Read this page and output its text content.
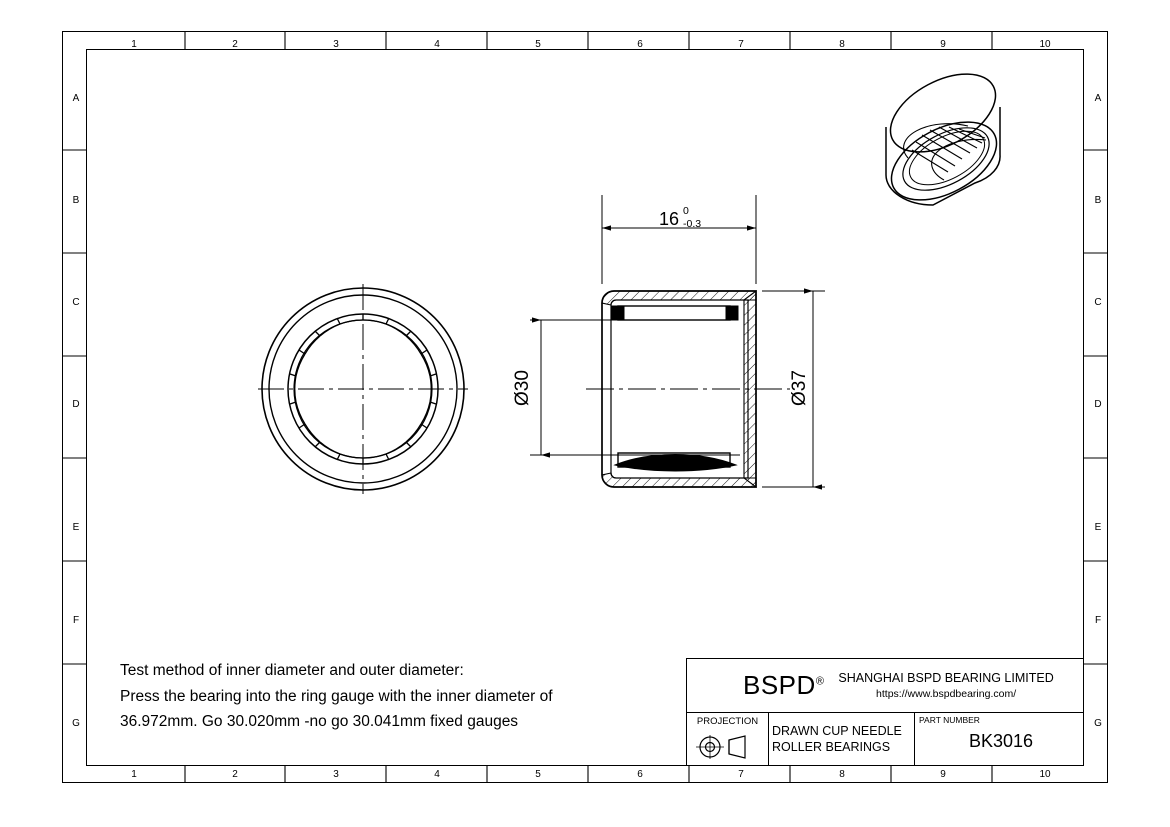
1	2	3	4	5	6	7	8	9	10
1	2	3	4	5	6	7	8	9	10
A
B
C
D
E
F
G
A
B
C
D
E
F
G
16 0
-0.3
Ø30	Ø37
Test method of inner diameter and outer diameter:
Press the bearing into the ring gauge with the inner diameter of
36.972mm. Go 30.020mm -no go 30.041mm fixed gauges
BSPD® SHANGHAI BSPD BEARING LIMITED
https://www.bspdbearing.com/
PROJECTION
DRAWN CUP NEEDLE
ROLLER BEARINGS
PART NUMBER
BK3016
